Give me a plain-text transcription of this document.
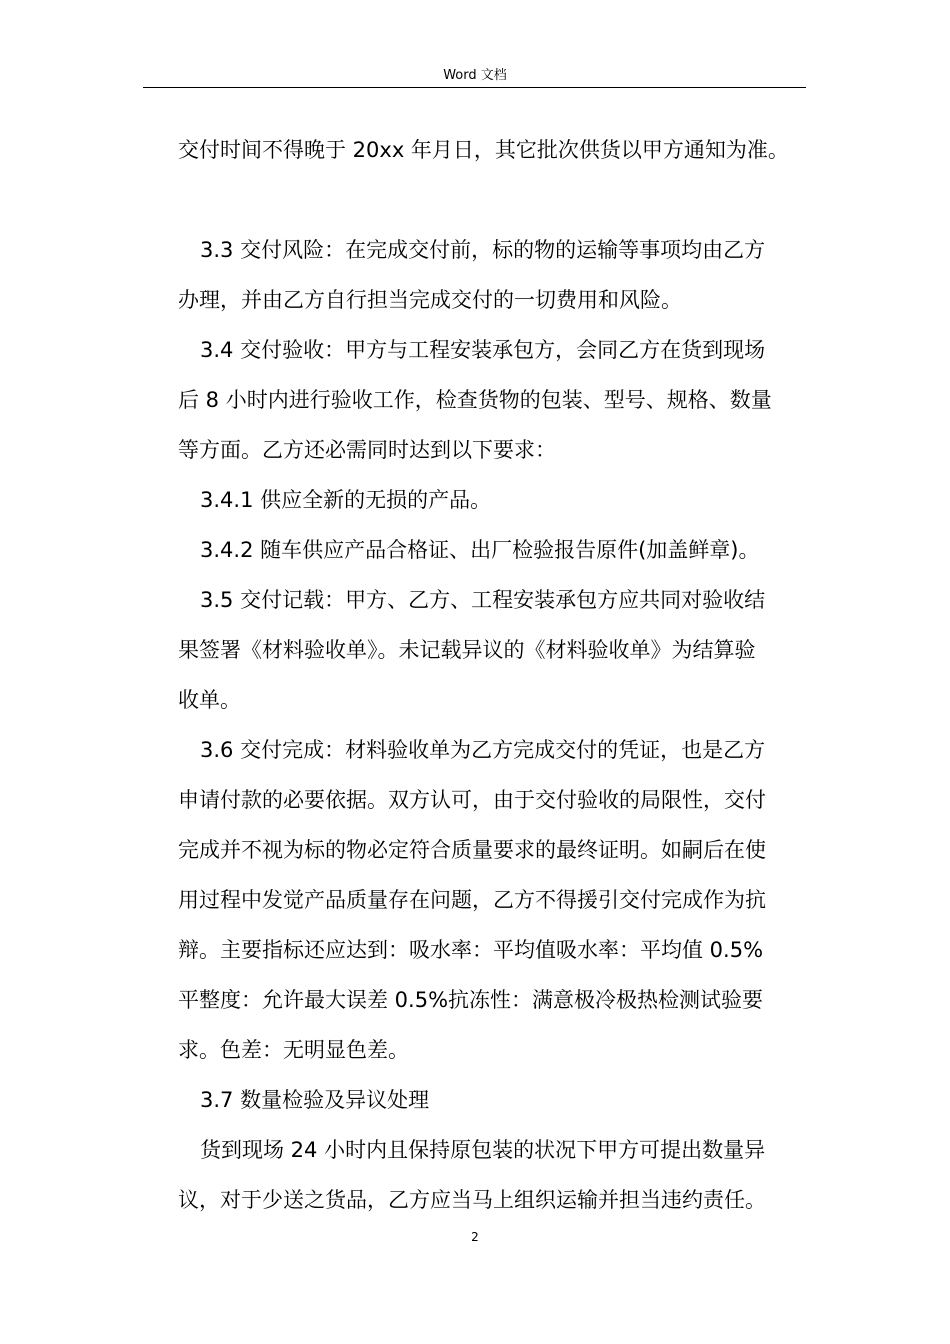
Word 文档
交付时间不得晚于 20xx 年月日，其它批次供货以甲方通知为准。
3.3 交付风险：在完成交付前，标的物的运输等事项均由乙方
办理，并由乙方自行担当完成交付的一切费用和风险。
3.4 交付验收：甲方与工程安装承包方，会同乙方在货到现场
后 8 小时内进行验收工作，检查货物的包装、型号、规格、数量
等方面。乙方还必需同时达到以下要求：
3.4.1 供应全新的无损的产品。
3.4.2 随车供应产品合格证、出厂检验报告原件(加盖鲜章)。
3.5 交付记载：甲方、乙方、工程安装承包方应共同对验收结
果签署《材料验收单》。未记载异议的《材料验收单》为结算验
收单。
3.6 交付完成：材料验收单为乙方完成交付的凭证，也是乙方
申请付款的必要依据。双方认可，由于交付验收的局限性，交付
完成并不视为标的物必定符合质量要求的最终证明。如嗣后在使
用过程中发觉产品质量存在问题，乙方不得援引交付完成作为抗
辩。主要指标还应达到：吸水率：平均值吸水率：平均值 0.5%
平整度：允许最大误差 0.5%抗冻性：满意极冷极热检测试验要
求。色差：无明显色差。
3.7 数量检验及异议处理
货到现场 24 小时内且保持原包装的状况下甲方可提出数量异
议，对于少送之货品，乙方应当马上组织运输并担当违约责任。
2
